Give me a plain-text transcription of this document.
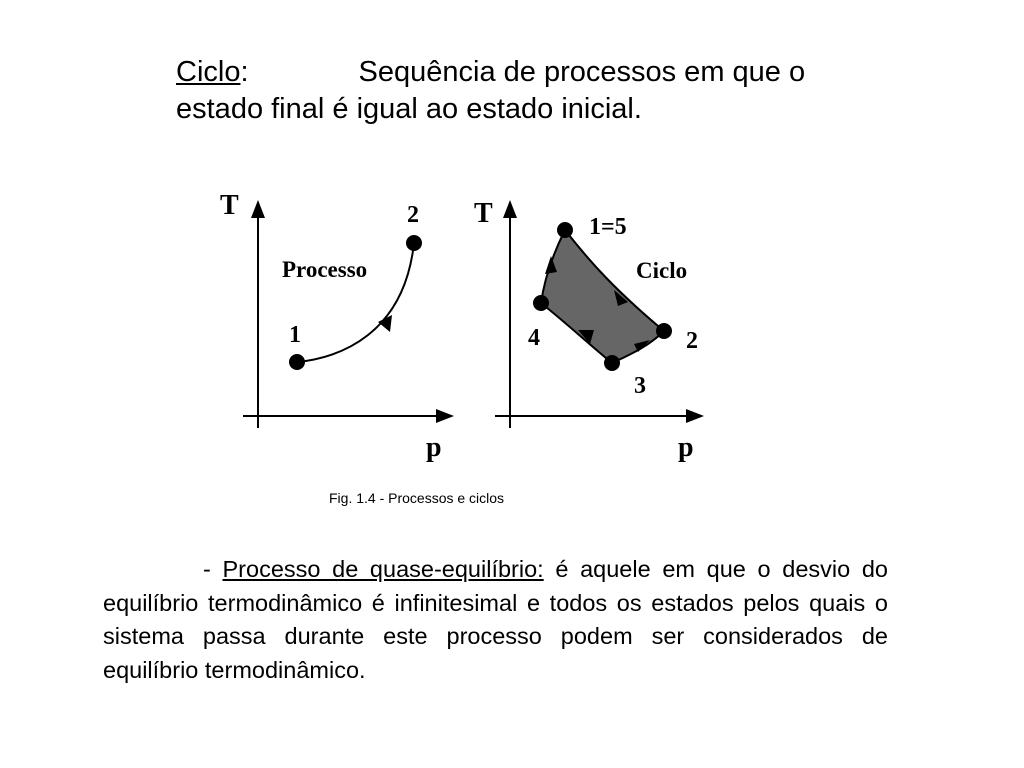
Ciclo:	Sequência de processos em que o estado final é igual ao estado inicial.
T
p
1
2
Processo
T
p
1=5
2
3
4
Ciclo
Fig. 1.4 - Processos e ciclos
- Processo de quase-equilíbrio: é aquele em que o desvio do equilíbrio termodinâmico é infinitesimal e todos os estados pelos quais o sistema passa durante este processo podem ser considerados de equilíbrio termodinâmico.
